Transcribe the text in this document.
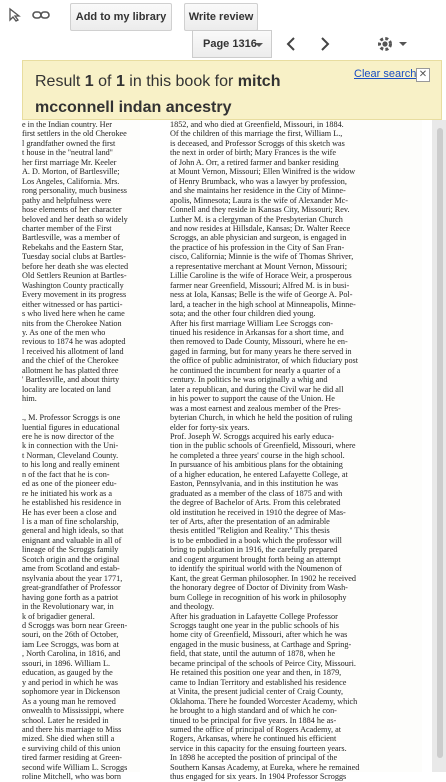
Add to my library	Write review
Page 1316
Result 1 of 1 in this book for mitch mcconnell indan ancestry
Clear search ✕
e in the Indian country. Her
first settlers in the old Cherokee
l grandfather owned the first
t house in the ''neutral land''
her first marriage Mr. Keeler
A. D. Morton, of Bartlesville;
Los Angeles, California. Mrs.
rong personality, much business
pathy and helpfulness were
hose elements of her character
beloved and her death so widely
charter member of the First
Bartlesville, was a member of
Rebekahs and the Eastern Star,
Tuesday social clubs at Bartles-
before her death she was elected
Old Settlers Reunion at Bartles-
Washington County practically
Every movement in its progress
either witnessed or has partici-
s who lived here when he came
nits from the Cherokee Nation
y. As one of the men who
revious to 1874 he was adopted
l received his allotment of land
and the chief of the Cherokee
allotment he has platted three
' Bartlesville, and about thirty
locality are located on land
him.

., M. Professor Scroggs is one
luential figures in educational
ere he is now director of the
k in connection with the Uni-
t Norman, Cleveland County.
to his long and really eminent
n of the fact that he is con-
ed as one of the pioneer edu-
re he initiated his work as a
he established his residence in
He has ever been a close and
l is a man of fine scholarship,
general and high ideals, so that
enignant and valuable in all of
lineage of the Scroggs family
Scotch origin and the original
ame from Scotland and estab-
nsylvania about the year 1771,
great-grandfather of Professor
having gone forth as a patriot
in the Revolutionary war, in
k of brigadier general.
d Scroggs was born near Green-
souri, on the 26th of October,
iam Lee Scroggs, was born at
, North Carolina, in 1816, and
ssouri, in 1896. William L.
education, as gauged by the
y and period in which he was
sophomore year in Dickenson
As a young man he removed
onwealth to Mississippi, where
school. Later he resided in
and there his marriage to Miss
mized. She died when still a
e surviving child of this union
tired farmer residing at Green-
second wife William L. Scroggs
roline Mitchell, who was born
1852, and who died at Greenfield, Missouri, in 1884.
Of the children of this marriage the first, William L.,
is deceased, and Professor Scroggs of this sketch was
the next in order of birth; Mary Frances is the wife
of John A. Orr, a retired farmer and banker residing
at Mount Vernon, Missouri; Ellen Winifred is the widow
of Henry Brumback, who was a lawyer by profession,
and she maintains her residence in the City of Minne-
apolis, Minnesota; Laura is the wife of Alexander Mc-
Connell and they reside in Kansas City, Missouri; Rev.
Luther M. is a clergyman of the Presbyterian Church
and now resides at Hillsdale, Kansas; Dr. Walter Reece
Scroggs, an able physician and surgeon, is engaged in
the practice of his profession in the City of San Fran-
cisco, California; Minnie is the wife of Thomas Shriver,
a representative merchant at Mount Vernon, Missouri;
Lillie Caroline is the wife of Horace Weir, a prosperous
farmer near Greenfield, Missouri; Alfred M. is in busi-
ness at Iola, Kansas; Belle is the wife of George A. Pol-
lard, a teacher in the high school at Minneapolis, Minne-
sota; and the other four children died young.
After his first marriage William Lee Scroggs con-
tinued his residence in Arkansas for a short time, and
then removed to Dade County, Missouri, where he en-
gaged in farming, but for many years he there served in
the office of public administrator, of which fiduciary post
he continued the incumbent for nearly a quarter of a
century. In politics he was originally a whig and
later a republican, and during the Civil war he did all
in his power to support the cause of the Union. He
was a most earnest and zealous member of the Pres-
byterian Church, in which he held the position of ruling
elder for forty-six years.
Prof. Joseph W. Scroggs acquired his early educa-
tion in the public schools of Greenfield, Missouri, where
he completed a three years' course in the high school.
In pursuance of his ambitious plans for the obtaining
of a higher education, he entered Lafayette College, at
Easton, Pennsylvania, and in this institution he was
graduated as a member of the class of 1875 and with
the degree of Bachelor of Arts. From this celebrated
old institution he received in 1910 the degree of Mas-
ter of Arts, after the presentation of an admirable
thesis entitled ''Religion and Reality.'' This thesis
is to be embodied in a book which the professor will
bring to publication in 1916, the carefully prepared
and cogent argument brought forth being an attempt
to identify the spiritual world with the Noumenon of
Kant, the great German philosopher. In 1902 he received
the honorary degree of Doctor of Divinity from Wash-
burn College in recognition of his work in philosophy
and theology.
After his graduation in Lafayette College Professor
Scroggs taught one year in the public schools of his
home city of Greenfield, Missouri, after which he was
engaged in the music business, at Carthage and Spring-
field, that state, until the autumn of 1878, when he
became principal of the schools of Peirce City, Missouri.
He retained this position one year and then, in 1879,
came to Indian Territory and established his residence
at Vinita, the present judicial center of Craig County,
Oklahoma. There he founded Worcester Academy, which
he brought to a high standard and of which he con-
tinued to be principal for five years. In 1884 he as-
sumed the office of principal of Rogers Academy, at
Rogers, Arkansas, where he continued his efficient
service in this capacity for the ensuing fourteen years.
In 1898 he accepted the position of principal of the
Southern Kansas Academy, at Eureka, where he remained
thus engaged for six years. In 1904 Professor Scroggs
